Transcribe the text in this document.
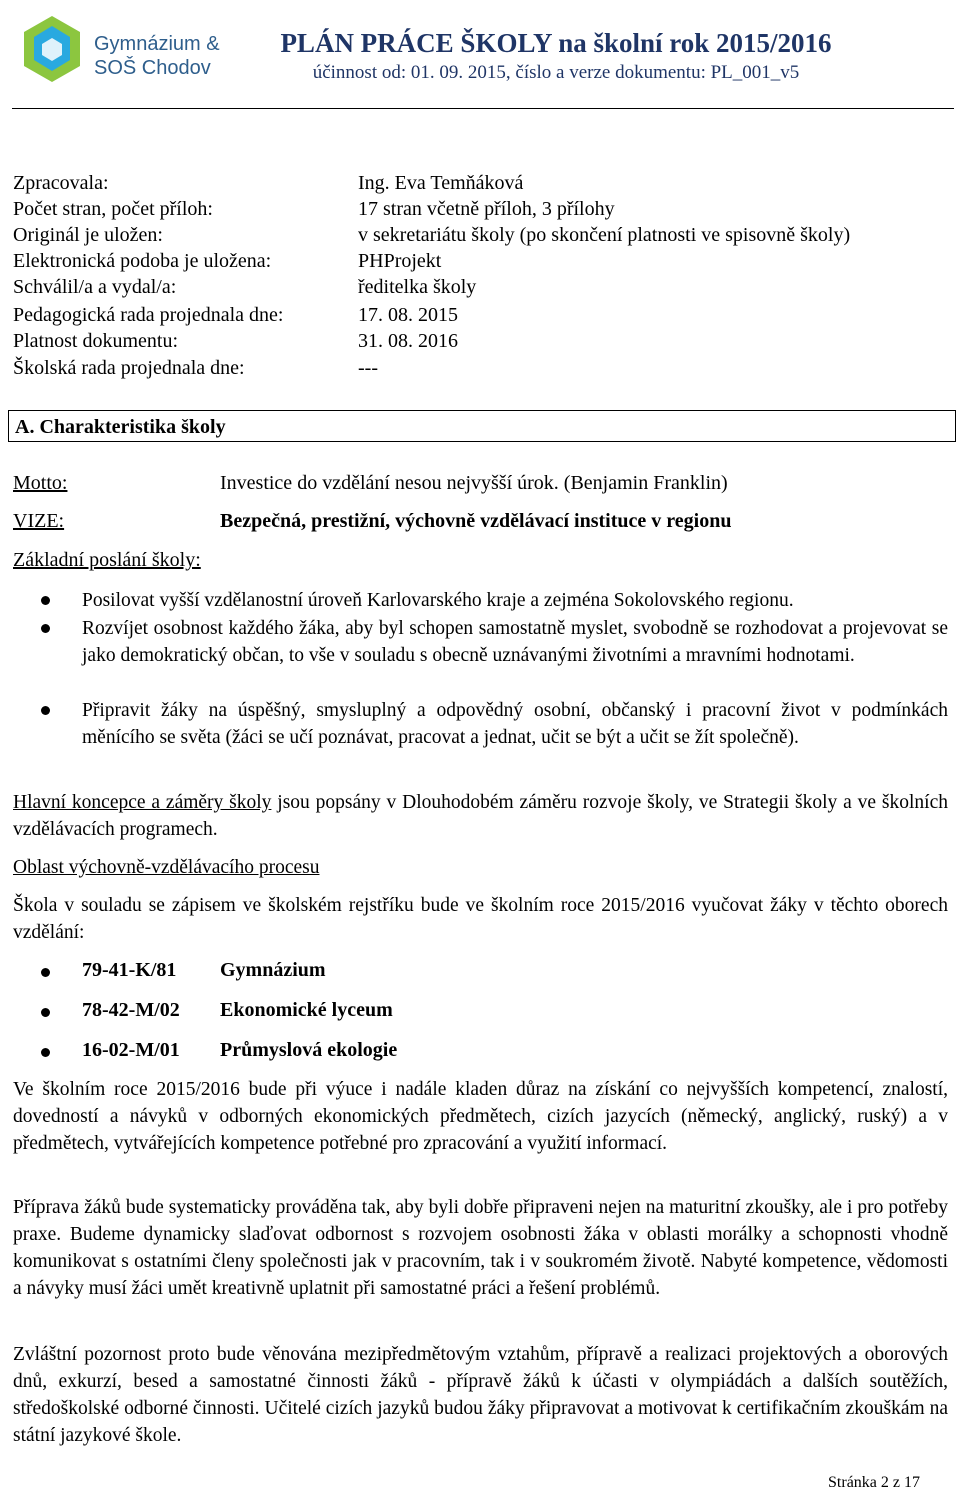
Gymnázium &
SOŠ Chodov
PLÁN PRÁCE ŠKOLY na školní rok 2015/2016
účinnost od: 01. 09. 2015, číslo a verze dokumentu: PL_001_v5
Zpracovala:	Ing. Eva Temňáková
Počet stran, počet příloh:	17 stran včetně příloh, 3 přílohy
Originál je uložen:	v sekretariátu školy (po skončení platnosti ve spisovně školy)
Elektronická podoba je uložena:	PHProjekt
Schválil/a a vydal/a:	ředitelka školy
Pedagogická rada projednala dne:	17. 08. 2015
Platnost dokumentu:	31. 08. 2016
Školská rada projednala dne:	---
A. Charakteristika školy
Motto:	Investice do vzdělání nesou nejvyšší úrok. (Benjamin Franklin)
VIZE:	Bezpečná, prestižní, výchovně vzdělávací instituce v regionu
Základní poslání školy:
Posilovat vyšší vzdělanostní úroveň Karlovarského kraje a zejména Sokolovského regionu.
Rozvíjet osobnost každého žáka, aby byl schopen samostatně myslet, svobodně se rozhodovat a projevovat se jako demokratický občan, to vše v souladu s obecně uznávanými životními a mravními hodnotami.
Připravit žáky na úspěšný, smysluplný a odpovědný osobní, občanský i pracovní život v podmínkách měnícího se světa (žáci se učí poznávat, pracovat a jednat, učit se být a učit se žít společně).
Hlavní koncepce a záměry školy jsou popsány v Dlouhodobém záměru rozvoje školy, ve Strategii školy a ve školních vzdělávacích programech.
Oblast výchovně-vzdělávacího procesu
Škola v souladu se zápisem ve školském rejstříku bude ve školním roce 2015/2016 vyučovat žáky v těchto oborech vzdělání:
79-41-K/81 Gymnázium
78-42-M/02 Ekonomické lyceum
16-02-M/01 Průmyslová ekologie
Ve školním roce 2015/2016 bude při výuce i nadále kladen důraz na získání co nejvyšších kompetencí, znalostí, dovedností a návyků v odborných ekonomických předmětech, cizích jazycích (německý, anglický, ruský) a v předmětech, vytvářejících kompetence potřebné pro zpracování a využití informací.
Příprava žáků bude systematicky prováděna tak, aby byli dobře připraveni nejen na maturitní zkoušky, ale i pro potřeby praxe. Budeme dynamicky slaďovat odbornost s rozvojem osobnosti žáka v oblasti morálky a schopnosti vhodně komunikovat s ostatními členy společnosti jak v pracovním, tak i v soukromém životě. Nabyté kompetence, vědomosti a návyky musí žáci umět kreativně uplatnit při samostatné práci a řešení problémů.
Zvláštní pozornost proto bude věnována mezipředmětovým vztahům, přípravě a realizaci projektových a oborových dnů, exkurzí, besed a samostatné činnosti žáků - přípravě žáků k účasti v olympiádách a dalších soutěžích, středoškolské odborné činnosti. Učitelé cizích jazyků budou žáky připravovat a motivovat k certifikačním zkouškám na státní jazykové škole.
Stránka 2 z 17
